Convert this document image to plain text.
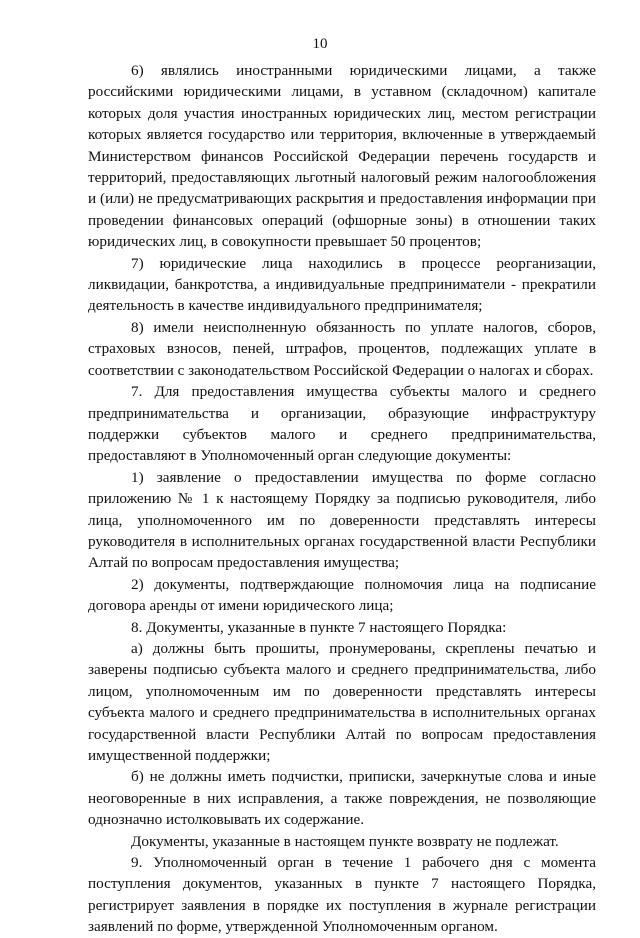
10

6) являлись иностранными юридическими лицами, а также российскими юридическими лицами, в уставном (складочном) капитале которых доля участия иностранных юридических лиц, местом регистрации которых является государство или территория, включенные в утверждаемый Министерством финансов Российской Федерации перечень государств и территорий, предоставляющих льготный налоговый режим налогообложения и (или) не предусматривающих раскрытия и предоставления информации при проведении финансовых операций (офшорные зоны) в отношении таких юридических лиц, в совокупности превышает 50 процентов;

7) юридические лица находились в процессе реорганизации, ликвидации, банкротства, а индивидуальные предприниматели - прекратили деятельность в качестве индивидуального предпринимателя;

8) имели неисполненную обязанность по уплате налогов, сборов, страховых взносов, пеней, штрафов, процентов, подлежащих уплате в соответствии с законодательством Российской Федерации о налогах и сборах.

7. Для предоставления имущества субъекты малого и среднего предпринимательства и организации, образующие инфраструктуру поддержки субъектов малого и среднего предпринимательства, предоставляют в Уполномоченный орган следующие документы:

1) заявление о предоставлении имущества по форме согласно приложению № 1 к настоящему Порядку за подписью руководителя, либо лица, уполномоченного им по доверенности представлять интересы руководителя в исполнительных органах государственной власти Республики Алтай по вопросам предоставления имущества;

2) документы, подтверждающие полномочия лица на подписание договора аренды от имени юридического лица;

8. Документы, указанные в пункте 7 настоящего Порядка:

а) должны быть прошиты, пронумерованы, скреплены печатью и заверены подписью субъекта малого и среднего предпринимательства, либо лицом, уполномоченным им по доверенности представлять интересы субъекта малого и среднего предпринимательства в исполнительных органах государственной власти Республики Алтай по вопросам предоставления имущественной поддержки;

б) не должны иметь подчистки, приписки, зачеркнутые слова и иные неоговоренные в них исправления, а также повреждения, не позволяющие однозначно истолковывать их содержание.

Документы, указанные в настоящем пункте возврату не подлежат.

9. Уполномоченный орган в течение 1 рабочего дня с момента поступления документов, указанных в пункте 7 настоящего Порядка, регистрирует заявления в порядке их поступления в журнале регистрации заявлений по форме, утвержденной Уполномоченным органом.
